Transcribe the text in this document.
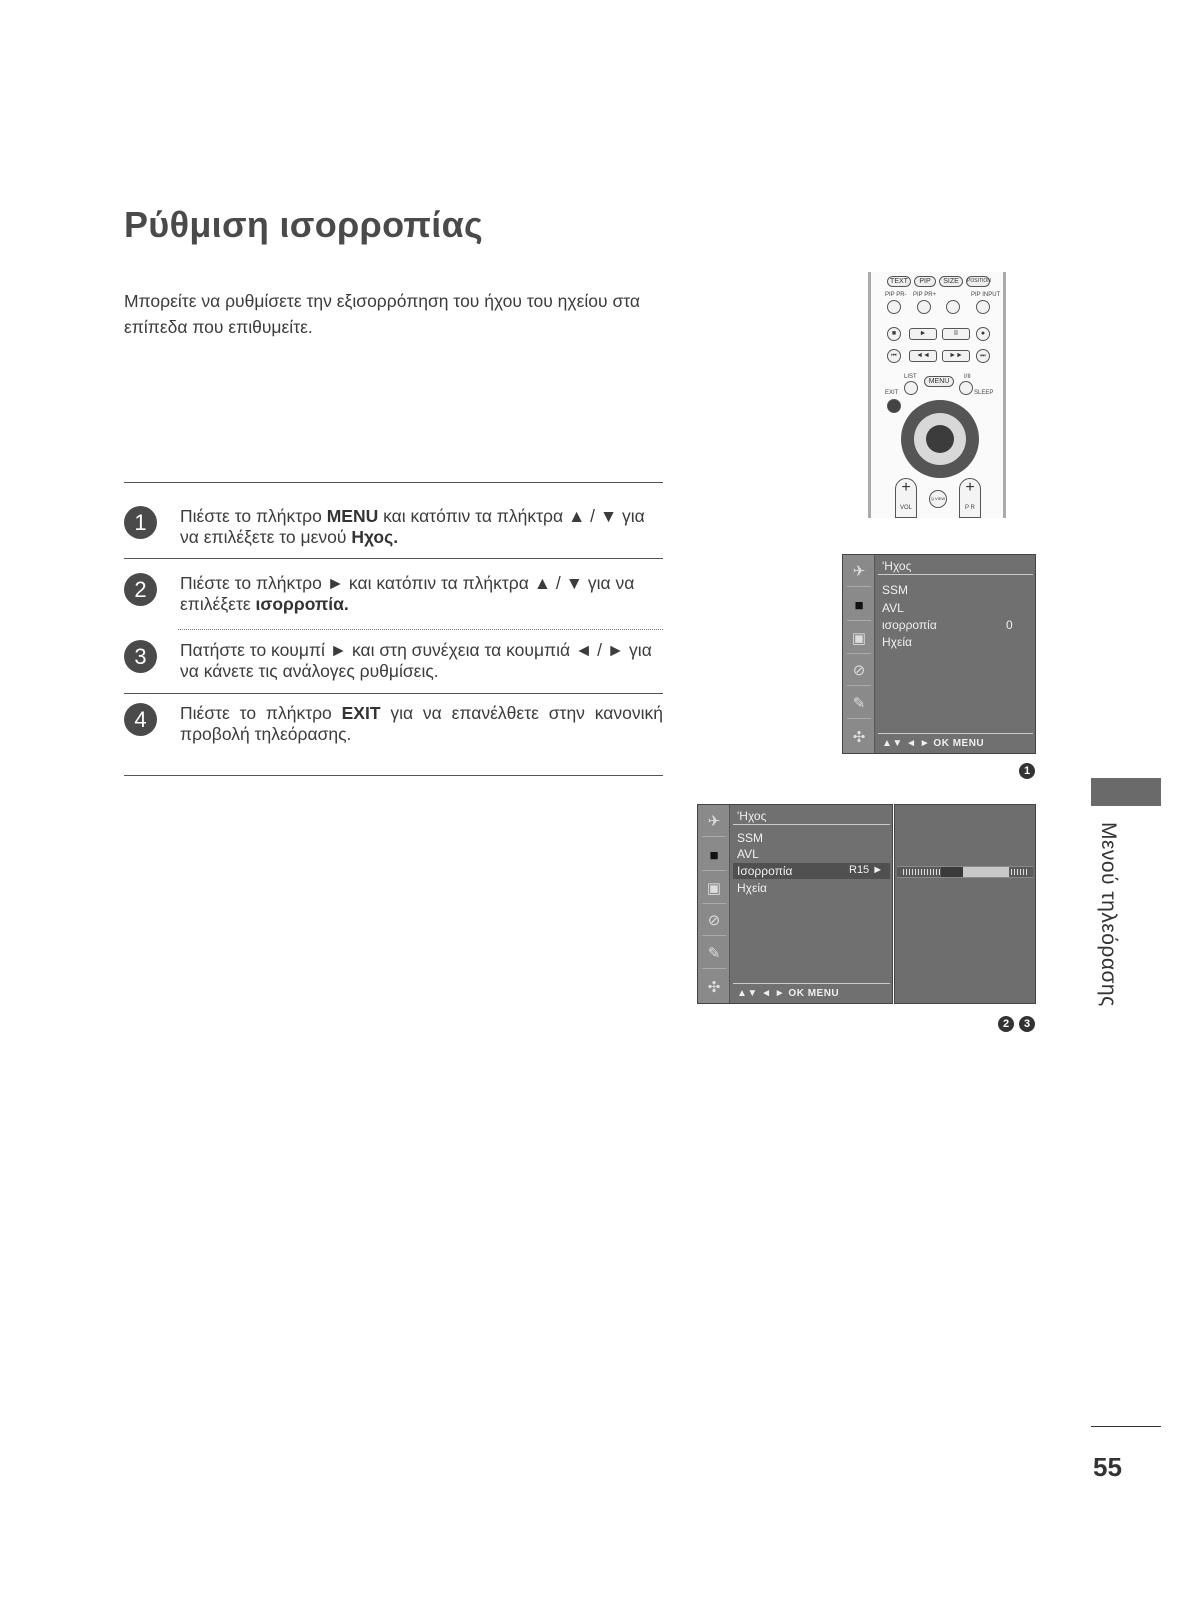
Ρύθμιση ισορροπίας
Μπορείτε να ρυθμίσετε την εξισορρόπηση του ήχου του ηχείου στα επίπεδα που επιθυμείτε.
1	Πιέστε το πλήκτρο MENU και κατόπιν τα πλήκτρα ▲ / ▼ για να επιλέξετε το μενού Ηχος.
2	Πιέστε το πλήκτρο ► και κατόπιν τα πλήκτρα ▲ / ▼ για να επιλέξετε ισορροπία.
3	Πατήστε το κουμπί ► και στη συνέχεια τα κουμπιά ◄ / ► για να κάνετε τις ανάλογες ρυθμίσεις.
4	Πιέστε το πλήκτρο EXIT για να επανέλθετε στην κανονική προβολή τηλεόρασης.
TEXT	PIP	SIZE	POSITION
PIP PR- PIP PR+	PIP INPUT
■	►	II	●
⏮	◄◄	►►	⏭
LIST
MENU
I/II
EXIT	SLEEP
+	+
Q.VIEW
VOL	P R
✈
■
▣
⊘
✎
✣
'Ηχος
SSM
AVL
ισορροπία	0
Ηχεία
▲▼ ◄ ► OK MENU
1
✈
■
▣
⊘
✎
✣
'Ηχος
SSM
AVL
Ισορροπία	R15 ►
Ηχεία
▲▼ ◄ ► OK MENU
2	3
Μενού τηλεόρασης
55
